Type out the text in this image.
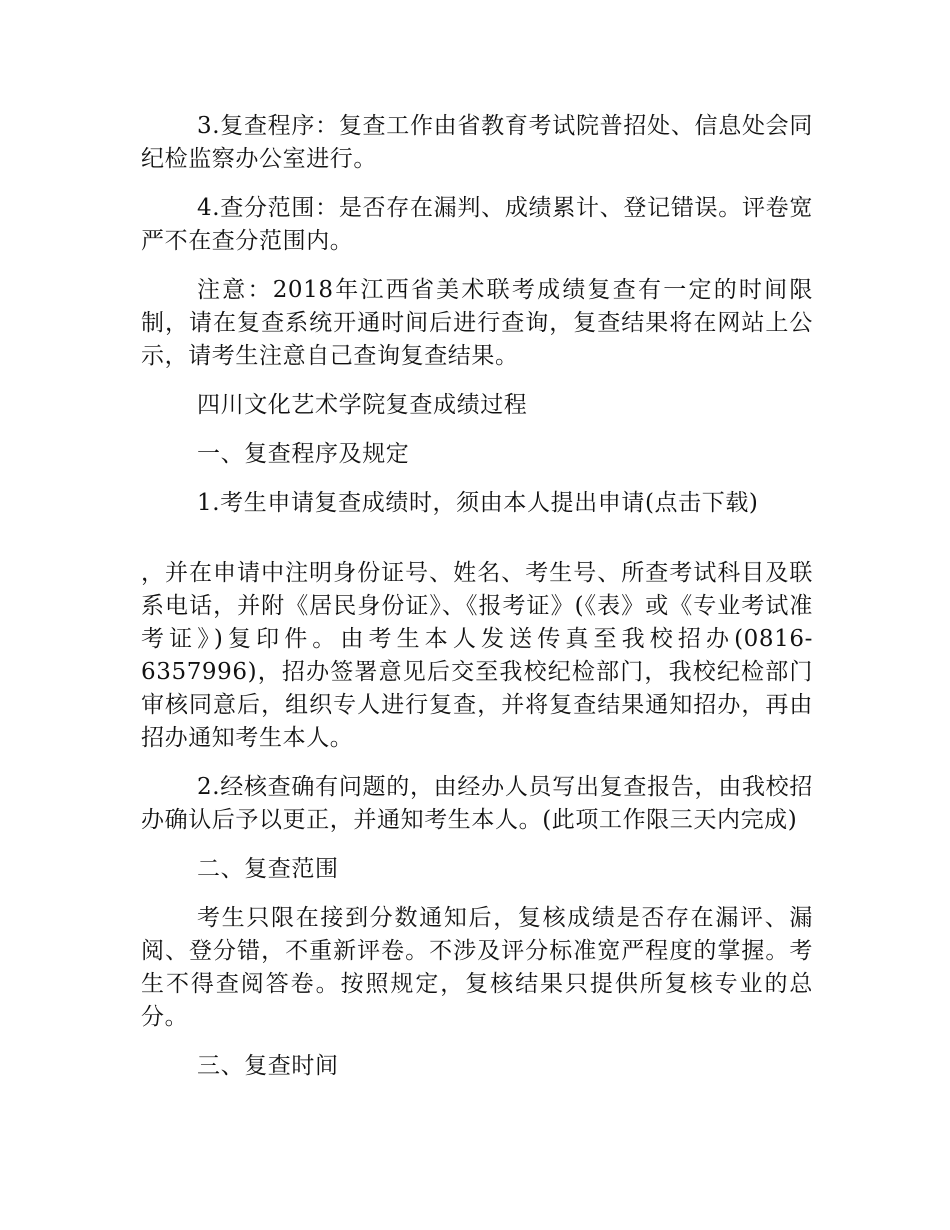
3.复查程序：复查工作由省教育考试院普招处、信息处会同纪检监察办公室进行。

4.查分范围：是否存在漏判、成绩累计、登记错误。评卷宽严不在查分范围内。

注意：2018年江西省美术联考成绩复查有一定的时间限制，请在复查系统开通时间后进行查询，复查结果将在网站上公示，请考生注意自己查询复查结果。

四川文化艺术学院复查成绩过程

一、复查程序及规定

1.考生申请复查成绩时，须由本人提出申请(点击下载)

，并在申请中注明身份证号、姓名、考生号、所查考试科目及联系电话，并附《居民身份证》、《报考证》(《表》或《专业考试准考证》)复印件。由考生本人发送传真至我校招办(0816-6357996)，招办签署意见后交至我校纪检部门，我校纪检部门审核同意后，组织专人进行复查，并将复查结果通知招办，再由招办通知考生本人。

2.经核查确有问题的，由经办人员写出复查报告，由我校招办确认后予以更正，并通知考生本人。(此项工作限三天内完成)

二、复查范围

考生只限在接到分数通知后，复核成绩是否存在漏评、漏阅、登分错，不重新评卷。不涉及评分标准宽严程度的掌握。考生不得查阅答卷。按照规定，复核结果只提供所复核专业的总分。

三、复查时间
